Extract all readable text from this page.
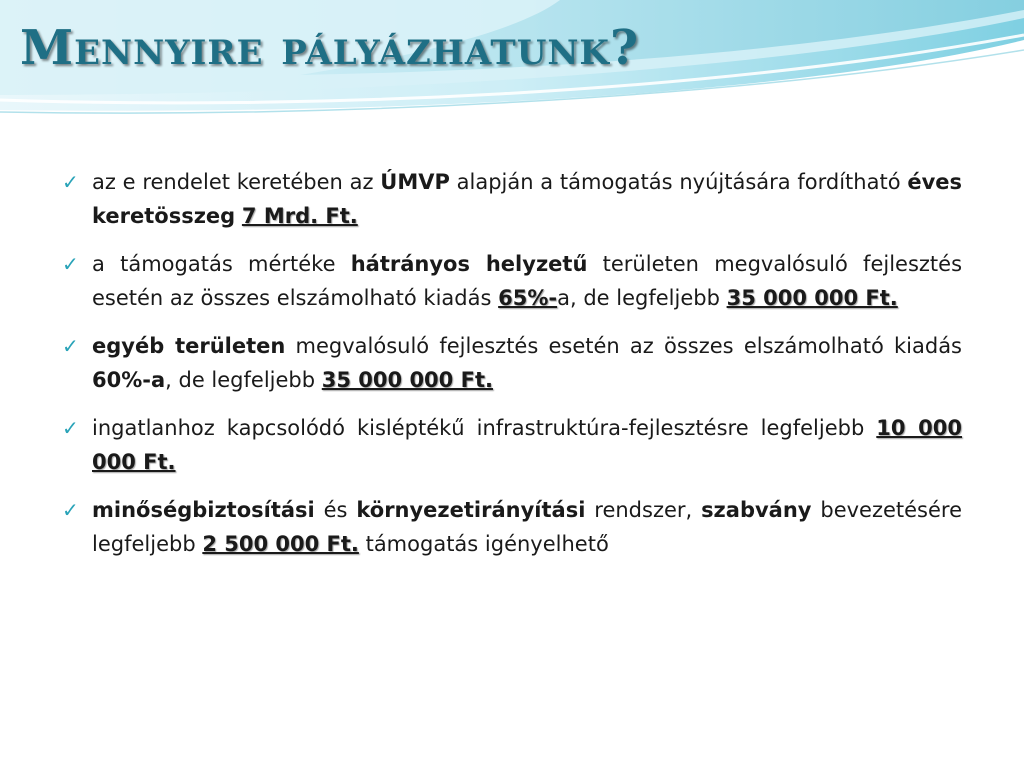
Mennyire pályázhatunk?
✓ az e rendelet keretében az ÚMVP alapján a támogatás nyújtására fordítható éves keretösszeg 7 Mrd. Ft.
✓ a támogatás mértéke hátrányos helyzetű területen megvalósuló fejlesztés esetén az összes elszámolható kiadás 65%-a, de legfeljebb 35 000 000 Ft.
✓ egyéb területen megvalósuló fejlesztés esetén az összes elszámolható kiadás 60%-a, de legfeljebb 35 000 000 Ft.
✓ ingatlanhoz kapcsolódó kisléptékű infrastruktúra-fejlesztésre legfeljebb 10 000 000 Ft.
✓ minőségbiztosítási és környezetirányítási rendszer, szabvány bevezetésére legfeljebb 2 500 000 Ft. támogatás igényelhető
